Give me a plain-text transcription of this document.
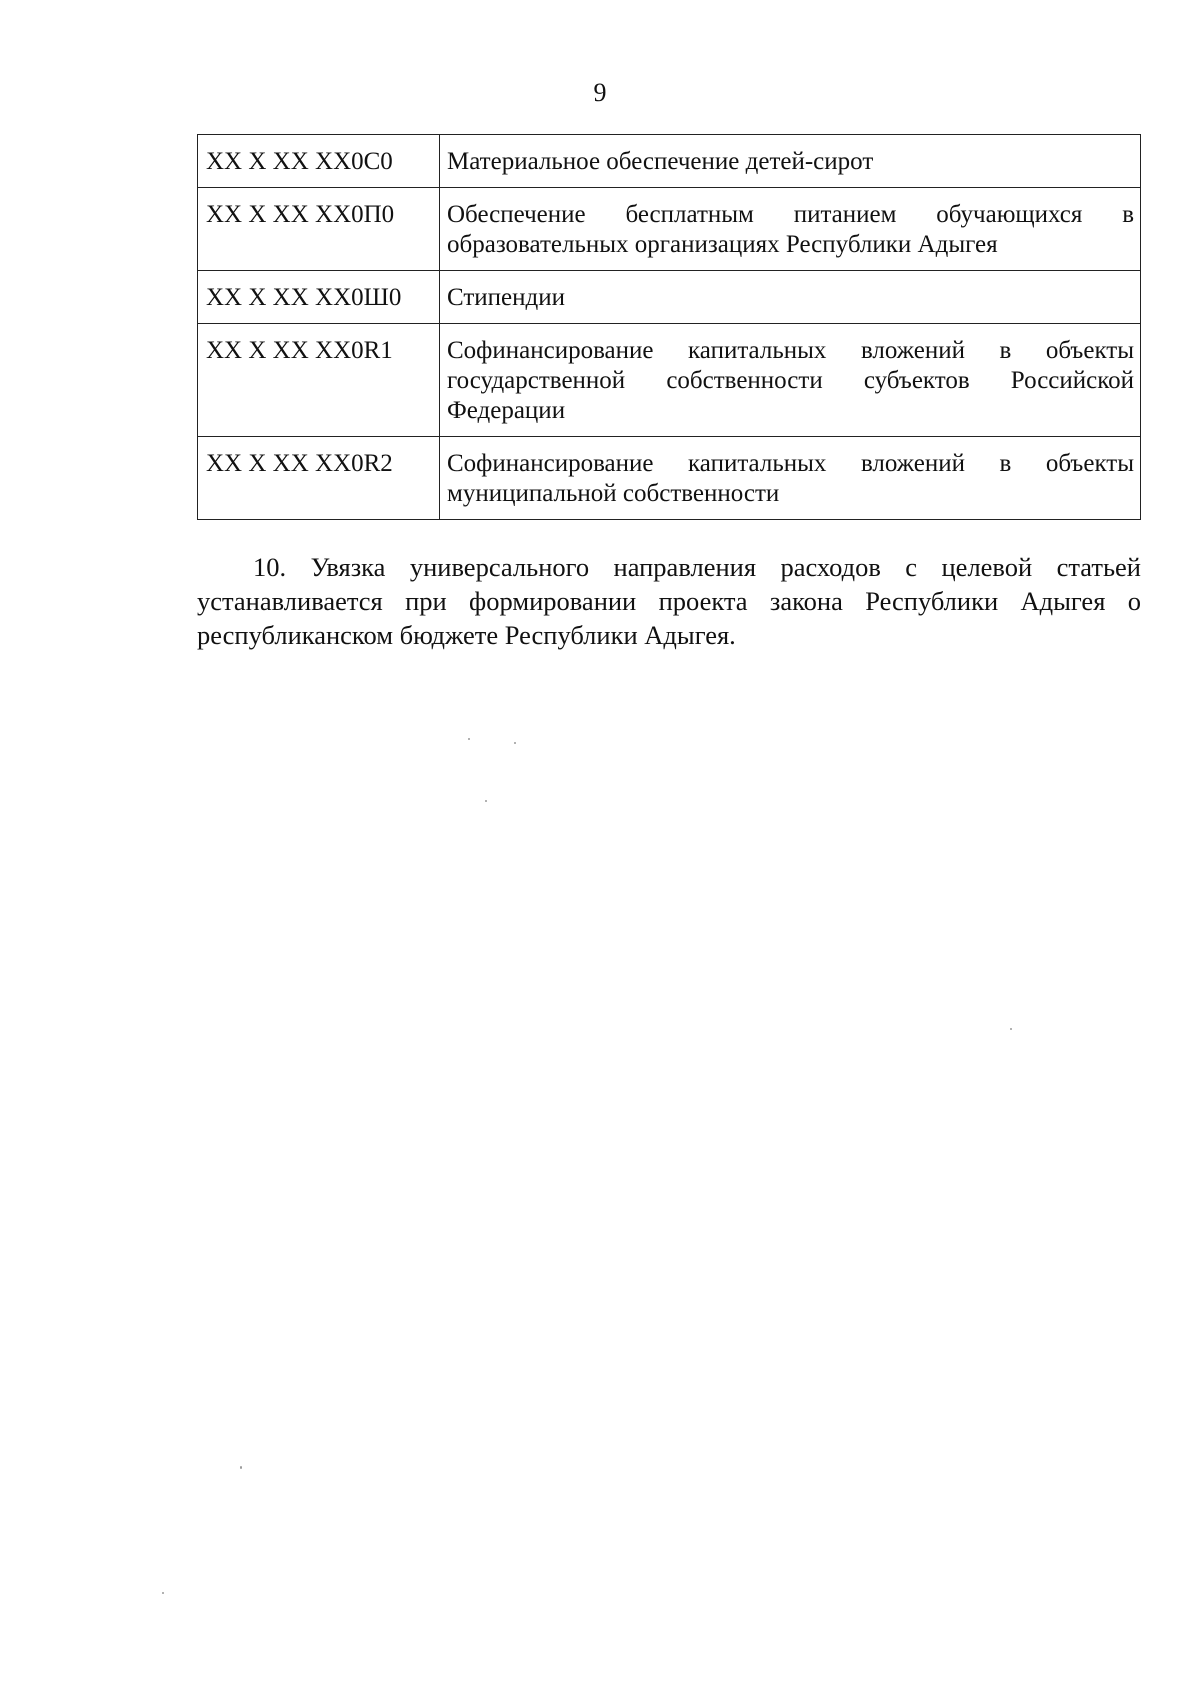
9
XX X XX XX0C0	Материальное обеспечение детей-сирот
XX X XX XX0П0	Обеспечение бесплатным питанием обучающихся в образовательных организациях Республики Адыгея
XX X XX XX0Ш0	Стипендии
XX X XX XX0R1	Софинансирование капитальных вложений в объекты государственной собственности субъектов Российской Федерации
XX X XX XX0R2	Софинансирование капитальных вложений в объекты муниципальной собственности

10. Увязка универсального направления расходов с целевой статьей устанавливается при формировании проекта закона Республики Адыгея о республиканском бюджете Республики Адыгея.
